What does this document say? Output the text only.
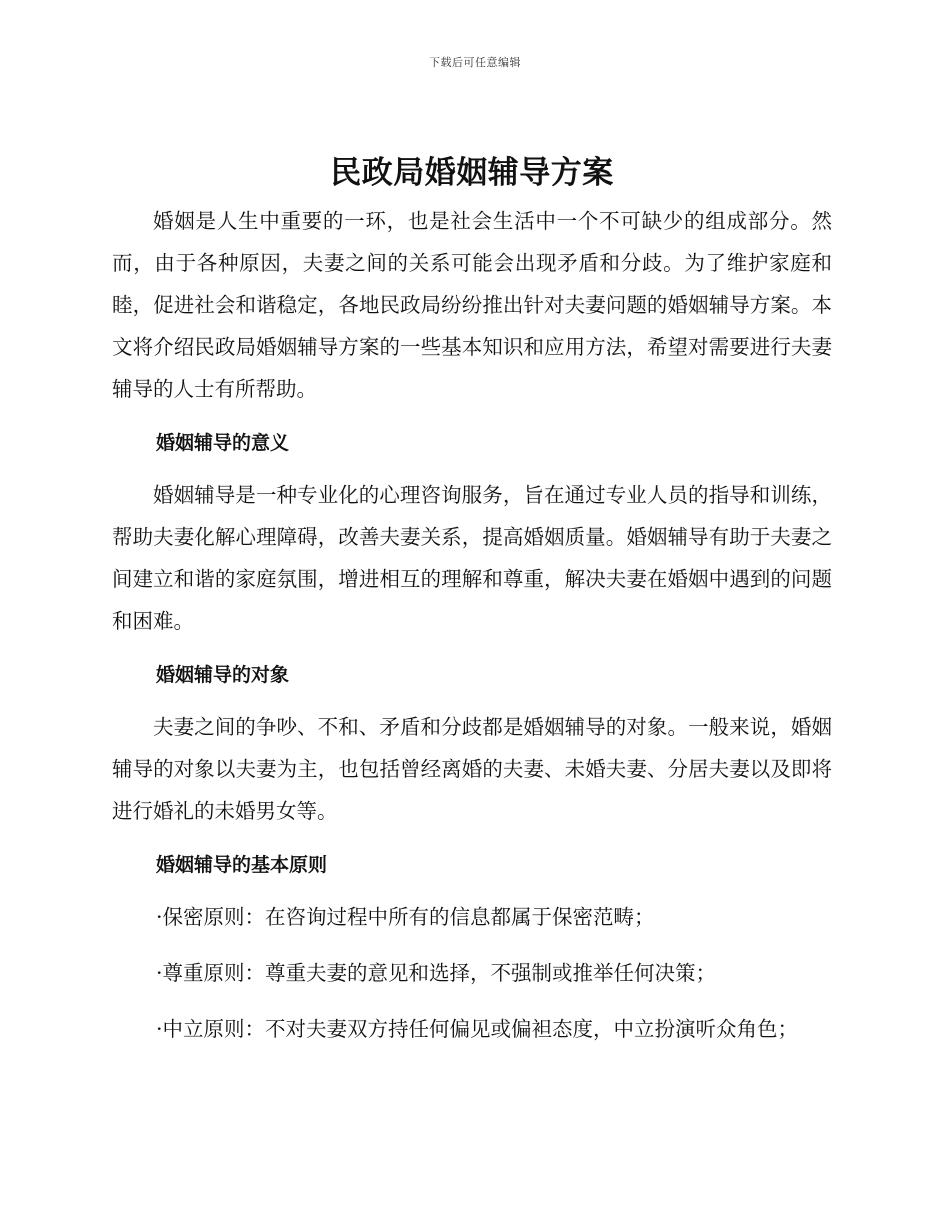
下载后可任意编辑
民政局婚姻辅导方案

婚姻是人生中重要的一环，也是社会生活中一个不可缺少的组成部分。然而，由于各种原因，夫妻之间的关系可能会出现矛盾和分歧。为了维护家庭和睦，促进社会和谐稳定，各地民政局纷纷推出针对夫妻问题的婚姻辅导方案。本文将介绍民政局婚姻辅导方案的一些基本知识和应用方法，希望对需要进行夫妻辅导的人士有所帮助。

婚姻辅导的意义

婚姻辅导是一种专业化的心理咨询服务，旨在通过专业人员的指导和训练，帮助夫妻化解心理障碍，改善夫妻关系，提高婚姻质量。婚姻辅导有助于夫妻之间建立和谐的家庭氛围，增进相互的理解和尊重，解决夫妻在婚姻中遇到的问题和困难。

婚姻辅导的对象

夫妻之间的争吵、不和、矛盾和分歧都是婚姻辅导的对象。一般来说，婚姻辅导的对象以夫妻为主，也包括曾经离婚的夫妻、未婚夫妻、分居夫妻以及即将进行婚礼的未婚男女等。

婚姻辅导的基本原则
·保密原则：在咨询过程中所有的信息都属于保密范畴；
·尊重原则：尊重夫妻的意见和选择，不强制或推举任何决策；
·中立原则：不对夫妻双方持任何偏见或偏袒态度，中立扮演听众角色；
